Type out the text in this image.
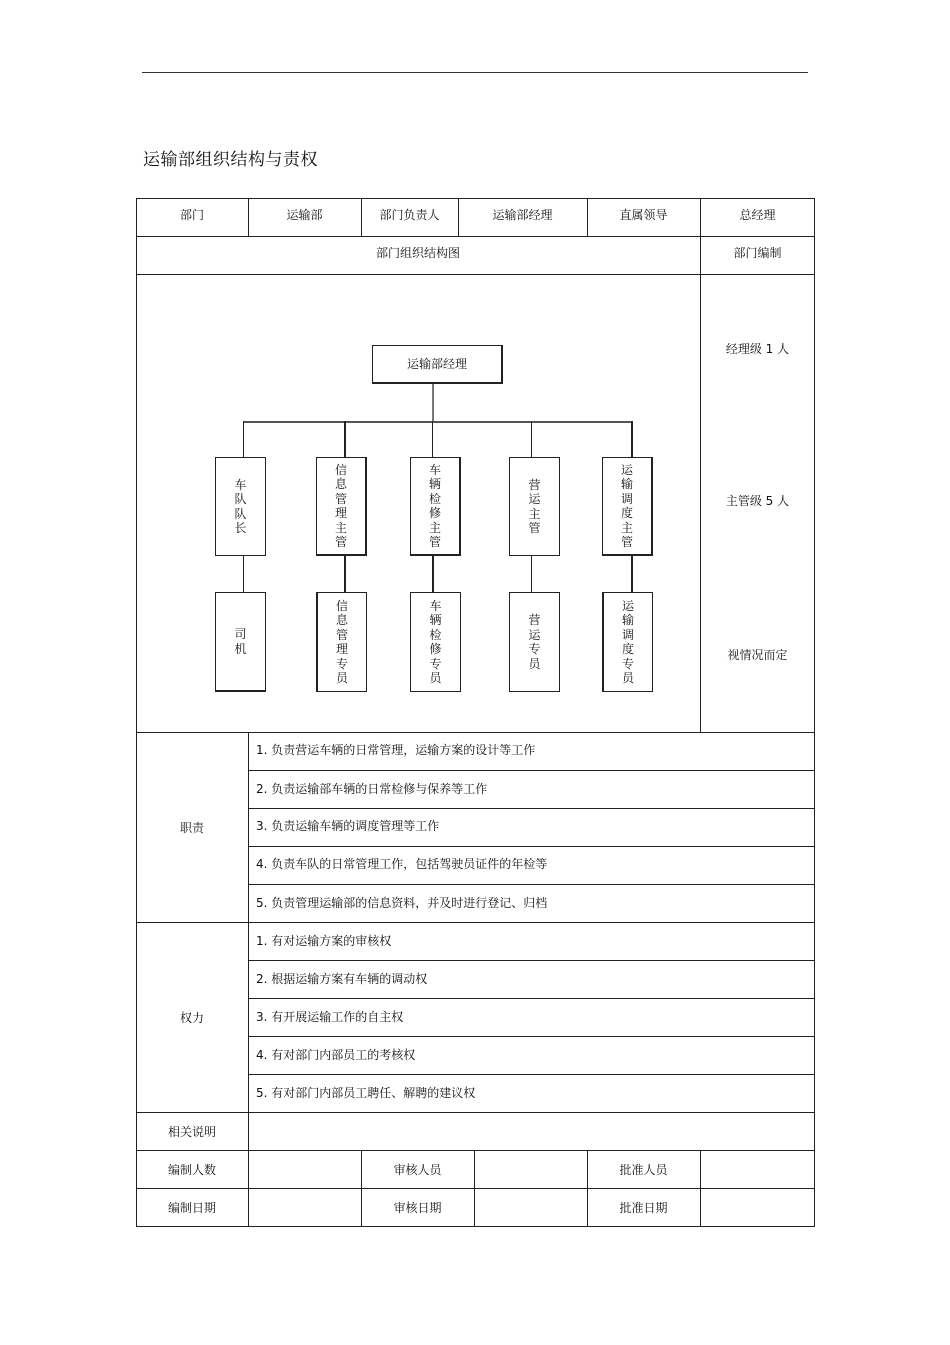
运输部组织结构与责权
部门	运输部	部门负责人	运输部经理	直属领导	总经理
部门组织结构图	部门编制
经理级 1 人
主管级 5 人
视情况而定
运输部经理
车
队
队
长
信
息
管
理
主
管
车
辆
检
修
主
管
营
运
主
管
运
输
调
度
主
管
司
机
信
息
管
理
专
员
车
辆
检
修
专
员
营
运
专
员
运
输
调
度
专
员
职责
1. 负责营运车辆的日常管理，运输方案的设计等工作
2. 负责运输部车辆的日常检修与保养等工作
3. 负责运输车辆的调度管理等工作
4. 负责车队的日常管理工作，包括驾驶员证件的年检等
5. 负责管理运输部的信息资料，并及时进行登记、归档
权力
1. 有对运输方案的审核权
2. 根据运输方案有车辆的调动权
3. 有开展运输工作的自主权
4. 有对部门内部员工的考核权
5. 有对部门内部员工聘任、解聘的建议权
相关说明
编制人数	审核人员	批准人员
编制日期	审核日期	批准日期
